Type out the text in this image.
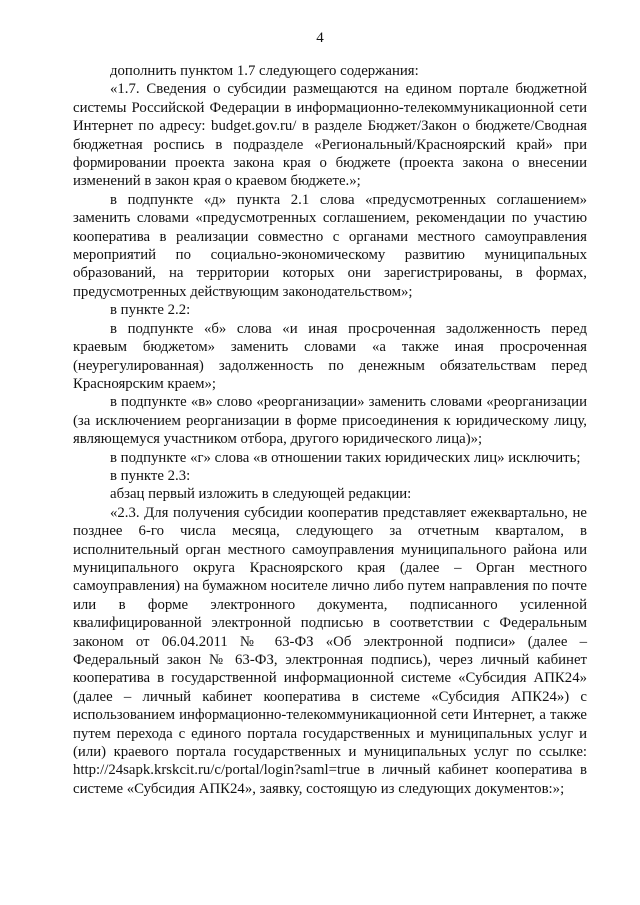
4

дополнить пунктом 1.7 следующего содержания:

«1.7. Сведения о субсидии размещаются на едином портале бюджетной системы Российской Федерации в информационно-телекоммуникационной сети Интернет по адресу: budget.gov.ru/ в разделе Бюджет/Закон о бюджете/Сводная бюджетная роспись в подразделе «Региональный/Красноярский край» при формировании проекта закона края о бюджете (проекта закона о внесении изменений в закон края о краевом бюджете.»;

в подпункте «д» пункта 2.1 слова «предусмотренных соглашением» заменить словами «предусмотренных соглашением, рекомендации по участию кооператива в реализации совместно с органами местного самоуправления мероприятий по социально-экономическому развитию муниципальных образований, на территории которых они зарегистрированы, в формах, предусмотренных действующим законодательством»;

в пункте 2.2:

в подпункте «б» слова «и иная просроченная задолженность перед краевым бюджетом» заменить словами «а также иная просроченная (неурегулированная) задолженность по денежным обязательствам перед Красноярским краем»;

в подпункте «в» слово «реорганизации» заменить словами «реорганизации (за исключением реорганизации в форме присоединения к юридическому лицу, являющемуся участником отбора, другого юридического лица)»;

в подпункте «г» слова «в отношении таких юридических лиц» исключить;

в пункте 2.3:

абзац первый изложить в следующей редакции:

«2.3. Для получения субсидии кооператив представляет ежеквартально, не позднее 6-го числа месяца, следующего за отчетным кварталом, в исполнительный орган местного самоуправления муниципального района или муниципального округа Красноярского края (далее – Орган местного самоуправления) на бумажном носителе лично либо путем направления по почте или в форме электронного документа, подписанного усиленной квалифицированной электронной подписью в соответствии с Федеральным законом от 06.04.2011 № 63-ФЗ «Об электронной подписи» (далее – Федеральный закон № 63-ФЗ, электронная подпись), через личный кабинет кооператива в государственной информационной системе «Субсидия АПК24» (далее – личный кабинет кооператива в системе «Субсидия АПК24») с использованием информационно-телекоммуникационной сети Интернет, а также путем перехода с единого портала государственных и муниципальных услуг и (или) краевого портала государственных и муниципальных услуг по ссылке: http://24sapk.krskcit.ru/c/portal/login?saml=true в личный кабинет кооператива в системе «Субсидия АПК24», заявку, состоящую из следующих документов:»;
